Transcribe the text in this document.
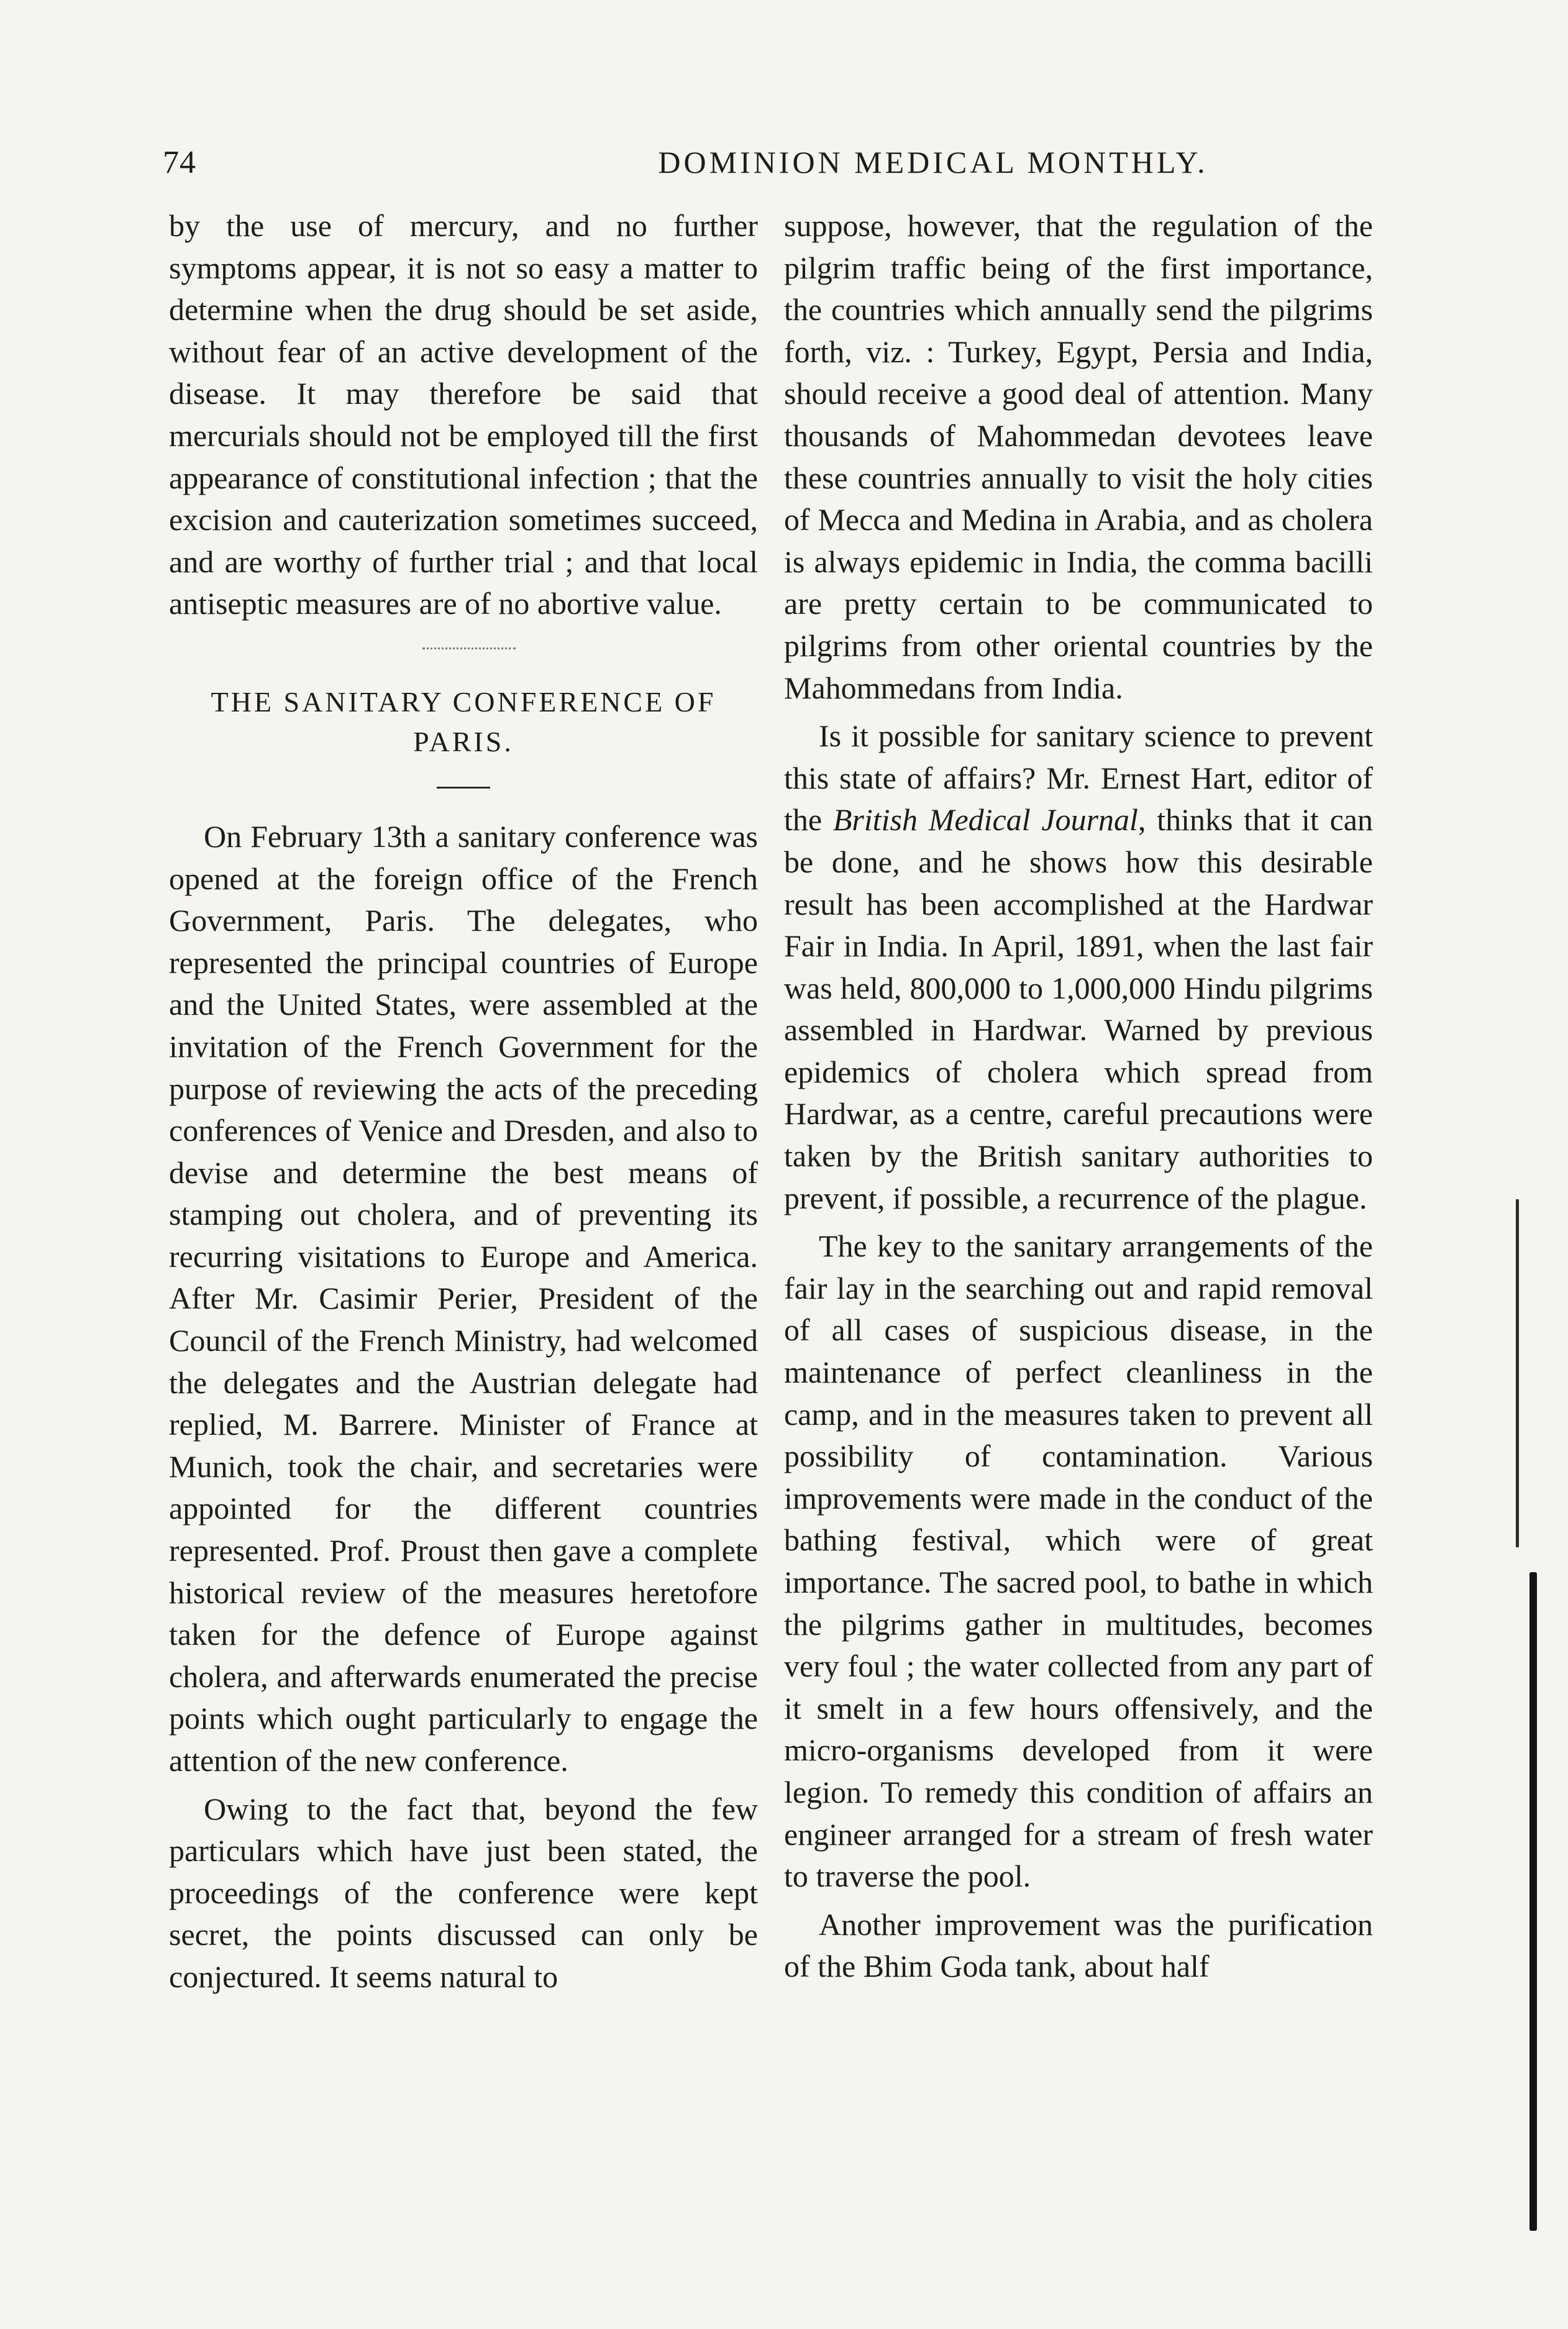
74	DOMINION MEDICAL MONTHLY.

by the use of mercury, and no further symptoms appear, it is not so easy a matter to determine when the drug should be set aside, without fear of an active development of the disease. It may therefore be said that mercurials should not be employed till the first appearance of constitutional infection ; that the excision and cauterization sometimes succeed, and are worthy of further trial ; and that local antiseptic measures are of no abortive value.

THE SANITARY CONFERENCE OF PARIS.

On February 13th a sanitary conference was opened at the foreign office of the French Government, Paris. The delegates, who represented the principal countries of Europe and the United States, were assembled at the invitation of the French Government for the purpose of reviewing the acts of the preceding conferences of Venice and Dresden, and also to devise and determine the best means of stamping out cholera, and of preventing its recurring visitations to Europe and America. After Mr. Casimir Perier, President of the Council of the French Ministry, had welcomed the delegates and the Austrian delegate had replied, M. Barrere. Minister of France at Munich, took the chair, and secretaries were appointed for the different countries represented. Prof. Proust then gave a complete historical review of the measures heretofore taken for the defence of Europe against cholera, and afterwards enumerated the precise points which ought particularly to engage the attention of the new conference.

Owing to the fact that, beyond the few particulars which have just been stated, the proceedings of the conference were kept secret, the points discussed can only be conjectured. It seems natural to

suppose, however, that the regulation of the pilgrim traffic being of the first importance, the countries which annually send the pilgrims forth, viz. : Turkey, Egypt, Persia and India, should receive a good deal of attention. Many thousands of Mahommedan devotees leave these countries annually to visit the holy cities of Mecca and Medina in Arabia, and as cholera is always epidemic in India, the comma bacilli are pretty certain to be communicated to pilgrims from other oriental countries by the Mahommedans from India.

Is it possible for sanitary science to prevent this state of affairs? Mr. Ernest Hart, editor of the British Medical Journal, thinks that it can be done, and he shows how this desirable result has been accomplished at the Hardwar Fair in India. In April, 1891, when the last fair was held, 800,000 to 1,000,000 Hindu pilgrims assembled in Hardwar. Warned by previous epidemics of cholera which spread from Hardwar, as a centre, careful precautions were taken by the British sanitary authorities to prevent, if possible, a recurrence of the plague.

The key to the sanitary arrangements of the fair lay in the searching out and rapid removal of all cases of suspicious disease, in the maintenance of perfect cleanliness in the camp, and in the measures taken to prevent all possibility of contamination. Various improvements were made in the conduct of the bathing festival, which were of great importance. The sacred pool, to bathe in which the pilgrims gather in multitudes, becomes very foul ; the water collected from any part of it smelt in a few hours offensively, and the micro-organisms developed from it were legion. To remedy this condition of affairs an engineer arranged for a stream of fresh water to traverse the pool.

Another improvement was the purification of the Bhim Goda tank, about half
